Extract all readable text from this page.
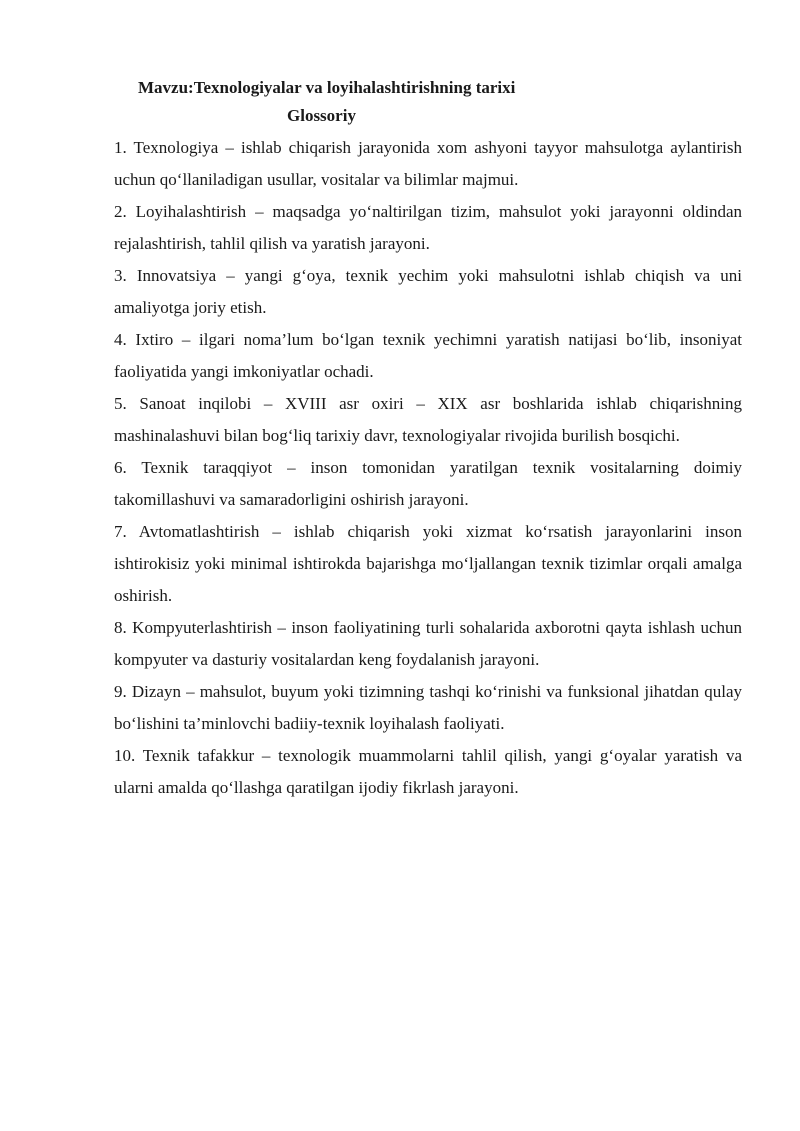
Mavzu:Texnologiyalar va loyihalashtirishning tarixi
Glossoriy
1. Texnologiya – ishlab chiqarish jarayonida xom ashyoni tayyor mahsulotga aylantirish uchun qo‘llaniladigan usullar, vositalar va bilimlar majmui.
2. Loyihalashtirish – maqsadga yo‘naltirilgan tizim, mahsulot yoki jarayonni oldindan rejalashtirish, tahlil qilish va yaratish jarayoni.
3. Innovatsiya – yangi g‘oya, texnik yechim yoki mahsulotni ishlab chiqish va uni amaliyotga joriy etish.
4. Ixtiro – ilgari noma’lum bo‘lgan texnik yechimni yaratish natijasi bo‘lib, insoniyat faoliyatida yangi imkoniyatlar ochadi.
5. Sanoat inqilobi – XVIII asr oxiri – XIX asr boshlarida ishlab chiqarishning mashinalashuvi bilan bog‘liq tarixiy davr, texnologiyalar rivojida burilish bosqichi.
6. Texnik taraqqiyot – inson tomonidan yaratilgan texnik vositalarning doimiy takomillashuvi va samaradorligini oshirish jarayoni.
7. Avtomatlashtirish – ishlab chiqarish yoki xizmat ko‘rsatish jarayonlarini inson ishtirokisiz yoki minimal ishtirokda bajarishga mo‘ljallangan texnik tizimlar orqali amalga oshirish.
8. Kompyuterlashtirish – inson faoliyatining turli sohalarida axborotni qayta ishlash uchun kompyuter va dasturiy vositalardan keng foydalanish jarayoni.
9. Dizayn – mahsulot, buyum yoki tizimning tashqi ko‘rinishi va funksional jihatdan qulay bo‘lishini ta’minlovchi badiiy-texnik loyihalash faoliyati.
10. Texnik tafakkur – texnologik muammolarni tahlil qilish, yangi g‘oyalar yaratish va ularni amalda qo‘llashga qaratilgan ijodiy fikrlash jarayoni.
